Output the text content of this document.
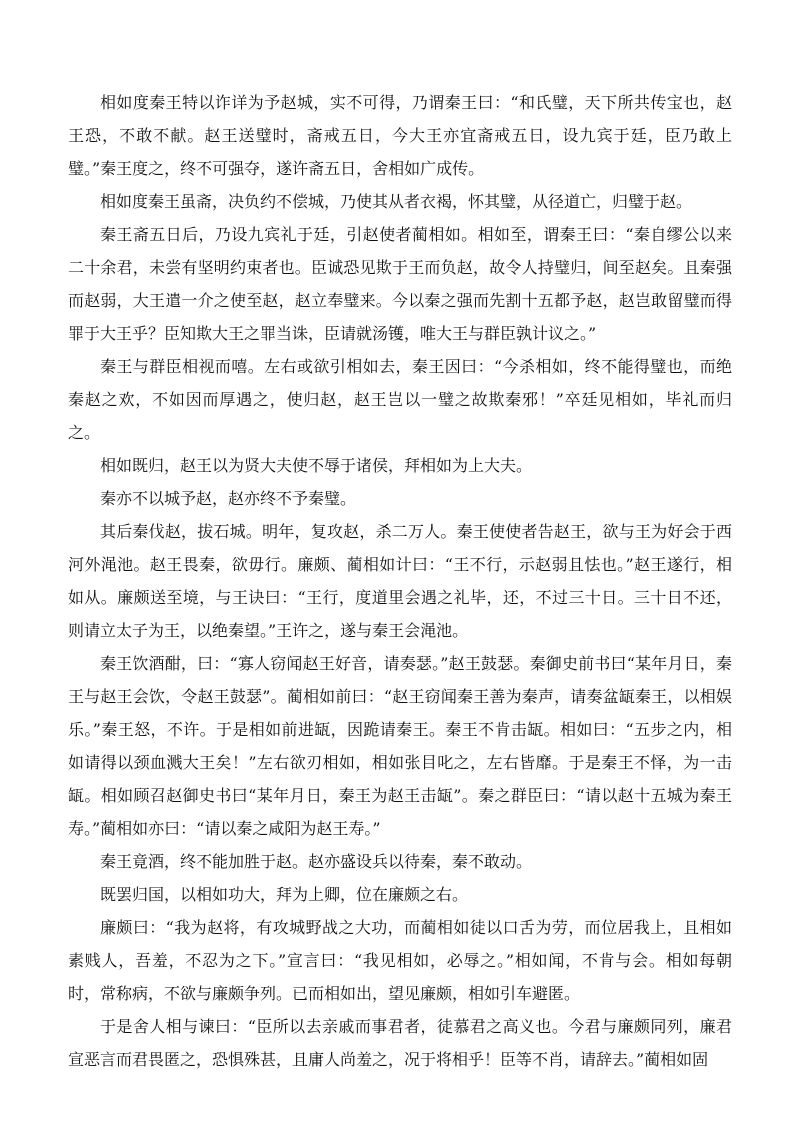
相如度秦王特以诈详为予赵城，实不可得，乃谓秦王曰：“和氏璧，天下所共传宝也，赵王恐，不敢不献。赵王送璧时，斋戒五日，今大王亦宜斋戒五日，设九宾于廷，臣乃敢上璧。”秦王度之，终不可强夺，遂许斋五日，舍相如广成传。

相如度秦王虽斋，决负约不偿城，乃使其从者衣褐，怀其璧，从径道亡，归璧于赵。

秦王斋五日后，乃设九宾礼于廷，引赵使者蔺相如。相如至，谓秦王曰：“秦自缪公以来二十余君，未尝有坚明约束者也。臣诚恐见欺于王而负赵，故令人持璧归，间至赵矣。且秦强而赵弱，大王遣一介之使至赵，赵立奉璧来。今以秦之强而先割十五都予赵，赵岂敢留璧而得罪于大王乎？臣知欺大王之罪当诛，臣请就汤镬，唯大王与群臣孰计议之。”

秦王与群臣相视而嘻。左右或欲引相如去，秦王因曰：“今杀相如，终不能得璧也，而绝秦赵之欢，不如因而厚遇之，使归赵，赵王岂以一璧之故欺秦邪！”卒廷见相如，毕礼而归之。

相如既归，赵王以为贤大夫使不辱于诸侯，拜相如为上大夫。

秦亦不以城予赵，赵亦终不予秦璧。

其后秦伐赵，拔石城。明年，复攻赵，杀二万人。秦王使使者告赵王，欲与王为好会于西河外渑池。赵王畏秦，欲毋行。廉颇、蔺相如计曰：“王不行，示赵弱且怯也。”赵王遂行，相如从。廉颇送至境，与王诀曰：“王行，度道里会遇之礼毕，还，不过三十日。三十日不还，则请立太子为王，以绝秦望。”王许之，遂与秦王会渑池。

秦王饮酒酣，曰：“寡人窃闻赵王好音，请奏瑟。”赵王鼓瑟。秦御史前书曰“某年月日，秦王与赵王会饮，令赵王鼓瑟”。蔺相如前曰：“赵王窃闻秦王善为秦声，请奏盆缻秦王，以相娱乐。”秦王怒，不许。于是相如前进缻，因跪请秦王。秦王不肯击缻。相如曰：“五步之内，相如请得以颈血溅大王矣！”左右欲刃相如，相如张目叱之，左右皆靡。于是秦王不怿，为一击缻。相如顾召赵御史书曰“某年月日，秦王为赵王击缻”。秦之群臣曰：“请以赵十五城为秦王寿。”蔺相如亦曰：“请以秦之咸阳为赵王寿。”

秦王竟酒，终不能加胜于赵。赵亦盛设兵以待秦，秦不敢动。

既罢归国，以相如功大，拜为上卿，位在廉颇之右。

廉颇曰：“我为赵将，有攻城野战之大功，而蔺相如徒以口舌为劳，而位居我上，且相如素贱人，吾羞，不忍为之下。”宣言曰：“我见相如，必辱之。”相如闻，不肯与会。相如每朝时，常称病，不欲与廉颇争列。已而相如出，望见廉颇，相如引车避匿。

于是舍人相与谏曰：“臣所以去亲戚而事君者，徒慕君之高义也。今君与廉颇同列，廉君宣恶言而君畏匿之，恐惧殊甚，且庸人尚羞之，况于将相乎！臣等不肖，请辞去。”蔺相如固
